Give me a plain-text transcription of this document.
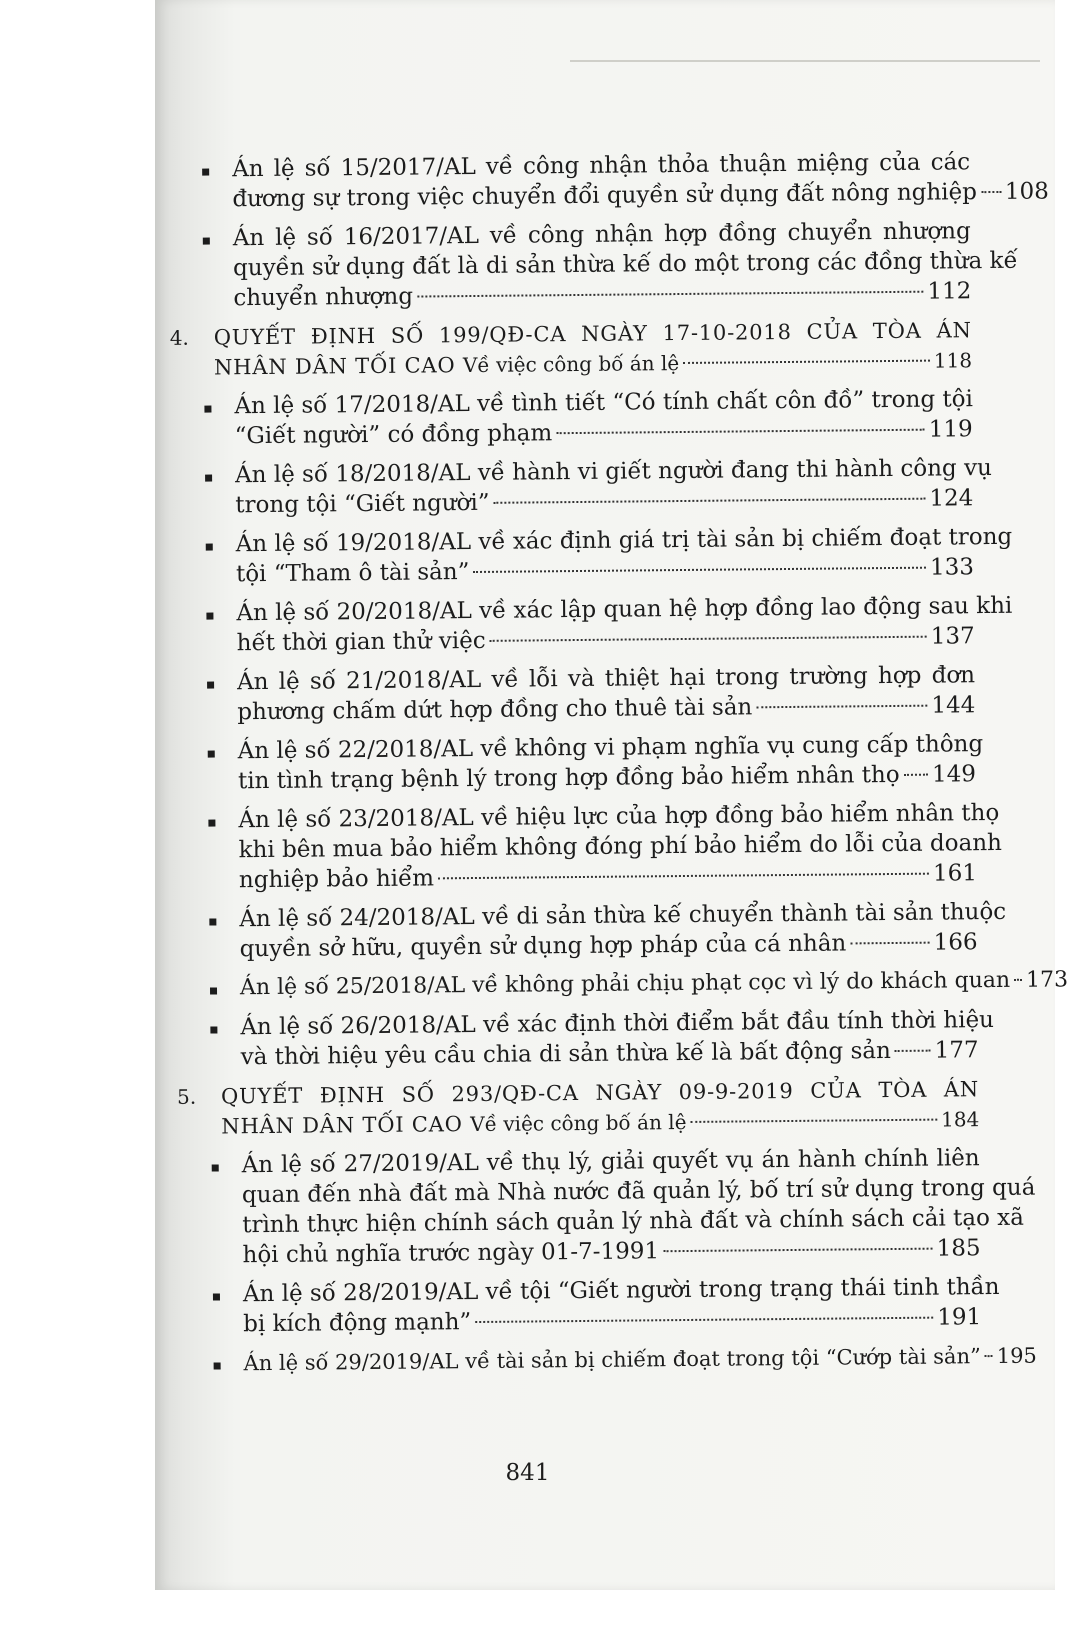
Án lệ số 15/2017/AL về công nhận thỏa thuận miệng của các
đương sự trong việc chuyển đổi quyền sử dụng đất nông nghiệp 108
Án lệ số 16/2017/AL về công nhận hợp đồng chuyển nhượng
quyền sử dụng đất là di sản thừa kế do một trong các đồng thừa kế
chuyển nhượng	112
4. QUYẾT ĐỊNH SỐ 199/QĐ-CA NGÀY 17-10-2018 CỦA TÒA ÁN
NHÂN DÂN TỐI CAO
Về việc công bố án lệ	118
Án lệ số 17/2018/AL về tình tiết “Có tính chất côn đồ” trong tội
“Giết người” có đồng phạm	119
Án lệ số 18/2018/AL về hành vi giết người đang thi hành công vụ
trong tội “Giết người”	124
Án lệ số 19/2018/AL về xác định giá trị tài sản bị chiếm đoạt trong
tội “Tham ô tài sản”	133
Án lệ số 20/2018/AL về xác lập quan hệ hợp đồng lao động sau khi
hết thời gian thử việc	137
Án lệ số 21/2018/AL về lỗi và thiệt hại trong trường hợp đơn
phương chấm dứt hợp đồng cho thuê tài sản	144
Án lệ số 22/2018/AL về không vi phạm nghĩa vụ cung cấp thông
tin tình trạng bệnh lý trong hợp đồng bảo hiểm nhân thọ 149
Án lệ số 23/2018/AL về hiệu lực của hợp đồng bảo hiểm nhân thọ
khi bên mua bảo hiểm không đóng phí bảo hiểm do lỗi của doanh
nghiệp bảo hiểm	161
Án lệ số 24/2018/AL về di sản thừa kế chuyển thành tài sản thuộc
quyền sở hữu, quyền sử dụng hợp pháp của cá nhân	166
Án lệ số 25/2018/AL về không phải chịu phạt cọc vì lý do khách quan 173
Án lệ số 26/2018/AL về xác định thời điểm bắt đầu tính thời hiệu
và thời hiệu yêu cầu chia di sản thừa kế là bất động sản 177
5. QUYẾT ĐỊNH SỐ 293/QĐ-CA NGÀY 09-9-2019 CỦA TÒA ÁN
NHÂN DÂN TỐI CAO
Về việc công bố án lệ	184
Án lệ số 27/2019/AL về thụ lý, giải quyết vụ án hành chính liên
quan đến nhà đất mà Nhà nước đã quản lý, bố trí sử dụng trong quá
trình thực hiện chính sách quản lý nhà đất và chính sách cải tạo xã
hội chủ nghĩa trước ngày 01-7-1991	185
Án lệ số 28/2019/AL về tội “Giết người trong trạng thái tinh thần
bị kích động mạnh”	191
Án lệ số 29/2019/AL về tài sản bị chiếm đoạt trong tội “Cướp tài sản” 195
841
